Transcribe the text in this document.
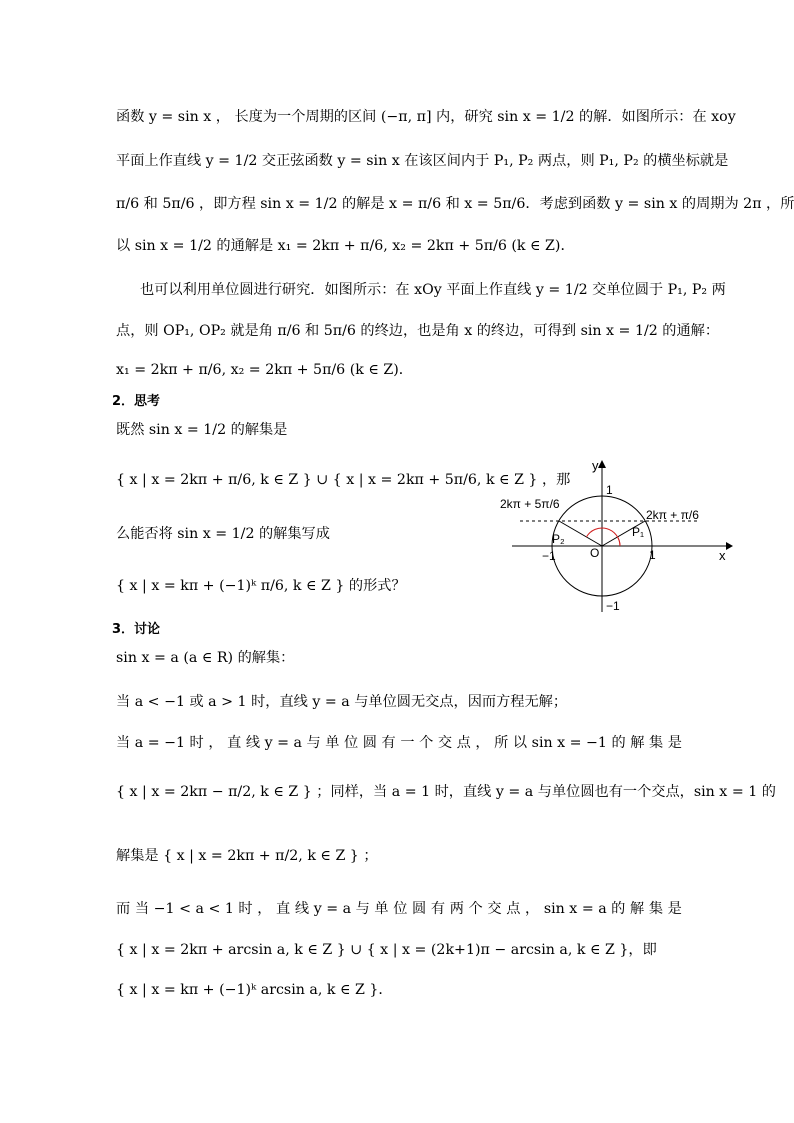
函数 y = sin x ， 长度为一个周期的区间 (−π, π] 内，研究 sin x = 1/2 的解．如图所示：在 xoy
平面上作直线 y = 1/2 交正弦函数 y = sin x 在该区间内于 P₁, P₂ 两点，则 P₁, P₂ 的横坐标就是
π/6 和 5π/6 ，即方程 sin x = 1/2 的解是 x = π/6 和 x = 5π/6．考虑到函数 y = sin x 的周期为 2π ，所
以 sin x = 1/2 的通解是 x₁ = 2kπ + π/6, x₂ = 2kπ + 5π/6 (k ∈ Z)．
也可以利用单位圆进行研究．如图所示：在 xOy 平面上作直线 y = 1/2 交单位圆于 P₁, P₂ 两
点，则 OP₁, OP₂ 就是角 π/6 和 5π/6 的终边，也是角 x 的终边，可得到 sin x = 1/2 的通解：
x₁ = 2kπ + π/6, x₂ = 2kπ + 5π/6 (k ∈ Z)．
2．思考
既然 sin x = 1/2 的解集是
{ x | x = 2kπ + π/6, k ∈ Z } ∪ { x | x = 2kπ + 5π/6, k ∈ Z } ，那
么能否将 sin x = 1/2 的解集写成
{ x | x = kπ + (−1)ᵏ π/6, k ∈ Z } 的形式？
y
x
1
1
−1
−1
O
P₁
P₂
2kπ + 5π/6
2kπ + π/6
3．讨论
sin x = a (a ∈ R) 的解集：
当 a < −1 或 a > 1 时，直线 y = a 与单位圆无交点，因而方程无解；
当 a = −1 时 ， 直 线 y = a 与 单 位 圆 有 一 个 交 点 ， 所 以 sin x = −1 的 解 集 是
{ x | x = 2kπ − π/2, k ∈ Z } ；同样，当 a = 1 时，直线 y = a 与单位圆也有一个交点，sin x = 1 的
解集是 { x | x = 2kπ + π/2, k ∈ Z } ；
而 当 −1 < a < 1 时 ， 直 线 y = a 与 单 位 圆 有 两 个 交 点 ， sin x = a 的 解 集 是
{ x | x = 2kπ + arcsin a, k ∈ Z } ∪ { x | x = (2k+1)π − arcsin a, k ∈ Z }，即
{ x | x = kπ + (−1)ᵏ arcsin a, k ∈ Z }．
